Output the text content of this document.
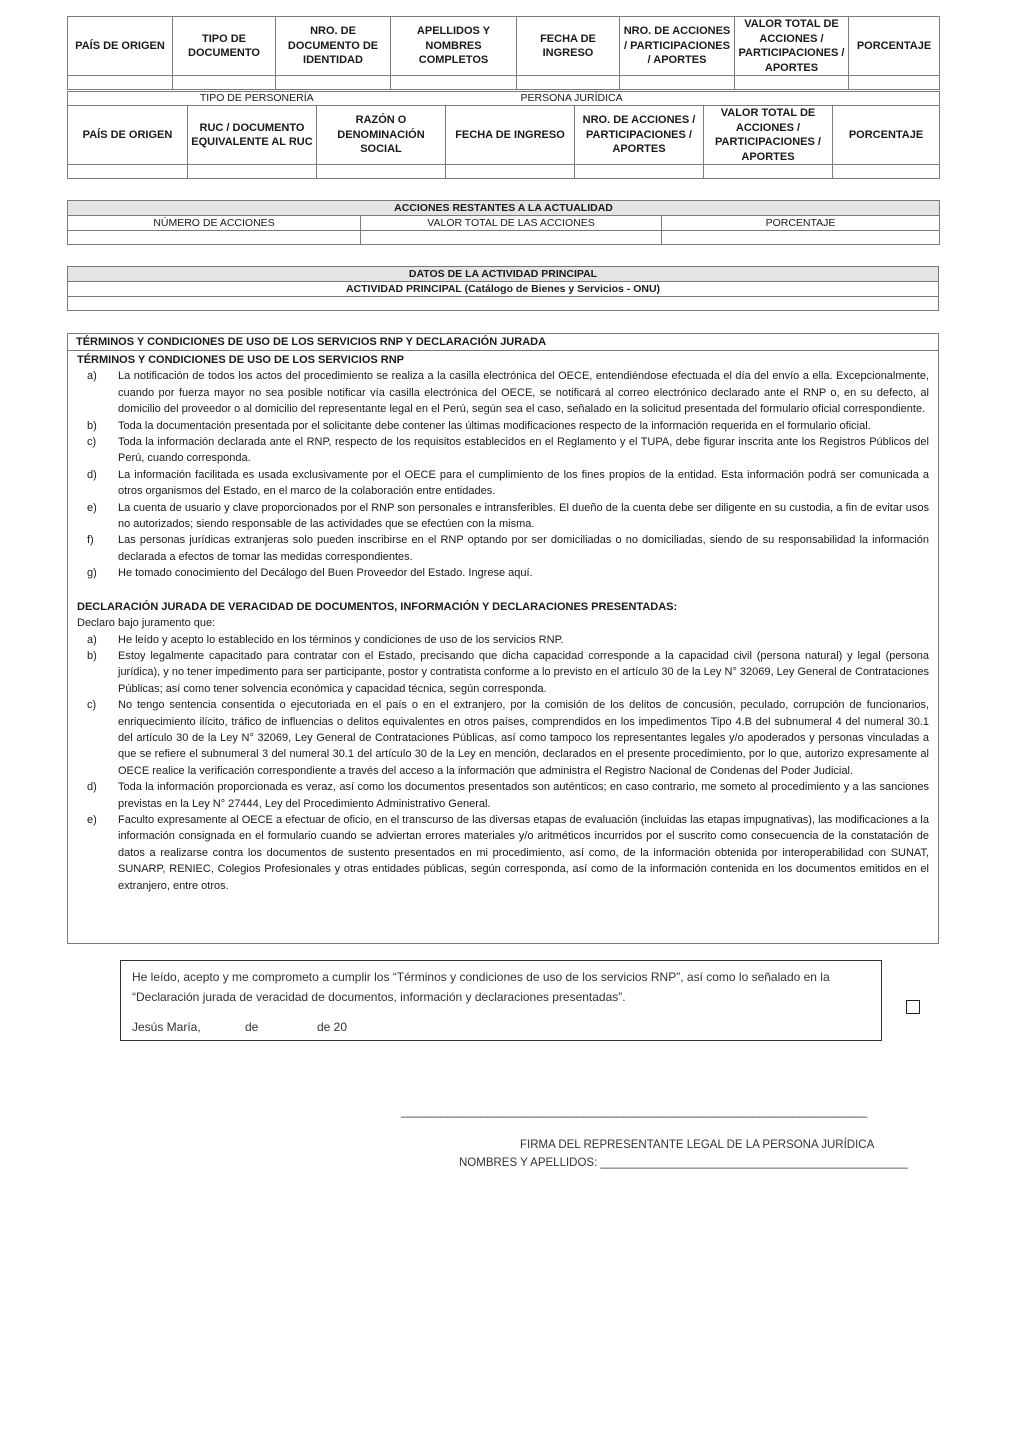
PAÍS DE ORIGEN	TIPO DE DOCUMENTO	NRO. DE DOCUMENTO DE IDENTIDAD	APELLIDOS Y NOMBRES COMPLETOS	FECHA DE INGRESO	NRO. DE ACCIONES / PARTICIPACIONES / APORTES	VALOR TOTAL DE ACCIONES / PARTICIPACIONES / APORTES	PORCENTAJE

TIPO DE PERSONERÍA			PERSONA JURÍDICA			
PAÍS DE ORIGEN	RUC / DOCUMENTO EQUIVALENTE AL RUC	RAZÓN O DENOMINACIÓN SOCIAL	FECHA DE INGRESO	NRO. DE ACCIONES / PARTICIPACIONES / APORTES	VALOR TOTAL DE ACCIONES / PARTICIPACIONES / APORTES	PORCENTAJE

ACCIONES RESTANTES A LA ACTUALIDAD		
NÚMERO DE ACCIONES	VALOR TOTAL DE LAS ACCIONES	PORCENTAJE

DATOS DE LA ACTIVIDAD PRINCIPAL
ACTIVIDAD PRINCIPAL (Catálogo de Bienes y Servicios - ONU)

TÉRMINOS Y CONDICIONES DE USO DE LOS SERVICIOS RNP Y DECLARACIÓN JURADA
TÉRMINOS Y CONDICIONES DE USO DE LOS SERVICIOS RNP
a)	La notificación de todos los actos del procedimiento se realiza a la casilla electrónica del OECE, entendiéndose efectuada el día del envío a ella. Excepcionalmente, cuando por fuerza mayor no sea posible notificar vía casilla electrónica del OECE, se notificará al correo electrónico declarado ante el RNP o, en su defecto, al domicilio del proveedor o al domicilio del representante legal en el Perú, según sea el caso, señalado en la solicitud presentada del formulario oficial correspondiente.
b)	Toda la documentación presentada por el solicitante debe contener las últimas modificaciones respecto de la información requerida en el formulario oficial.
c)	Toda la información declarada ante el RNP, respecto de los requisitos establecidos en el Reglamento y el TUPA, debe figurar inscrita ante los Registros Públicos del Perú, cuando corresponda.
d)	La información facilitada es usada exclusivamente por el OECE para el cumplimiento de los fines propios de la entidad. Esta información podrá ser comunicada a otros organismos del Estado, en el marco de la colaboración entre entidades.
e)	La cuenta de usuario y clave proporcionados por el RNP son personales e intransferibles. El dueño de la cuenta debe ser diligente en su custodia, a fin de evitar usos no autorizados; siendo responsable de las actividades que se efectúen con la misma.
f)	Las personas jurídicas extranjeras solo pueden inscribirse en el RNP optando por ser domiciliadas o no domiciliadas, siendo de su responsabilidad la información declarada a efectos de tomar las medidas correspondientes.
g)	He tomado conocimiento del Decálogo del Buen Proveedor del Estado. Ingrese aquí.
DECLARACIÓN JURADA DE VERACIDAD DE DOCUMENTOS, INFORMACIÓN Y DECLARACIONES PRESENTADAS:
Declaro bajo juramento que:
a)	He leído y acepto lo establecido en los términos y condiciones de uso de los servicios RNP.
b)	Estoy legalmente capacitado para contratar con el Estado, precisando que dicha capacidad corresponde a la capacidad civil (persona natural) y legal (persona jurídica), y no tener impedimento para ser participante, postor y contratista conforme a lo previsto en el artículo 30 de la Ley N° 32069, Ley General de Contrataciones Públicas; así como tener solvencia económica y capacidad técnica, según corresponda.
c)	No tengo sentencia consentida o ejecutoriada en el país o en el extranjero, por la comisión de los delitos de concusión, peculado, corrupción de funcionarios, enriquecimiento ilícito, tráfico de influencias o delitos equivalentes en otros países, comprendidos en los impedimentos Tipo 4.B del subnumeral 4 del numeral 30.1 del artículo 30 de la Ley N° 32069, Ley General de Contrataciones Públicas, así como tampoco los representantes legales y/o apoderados y personas vinculadas a que se refiere el subnumeral 3 del numeral 30.1 del artículo 30 de la Ley en mención, declarados en el presente procedimiento, por lo que, autorizo expresamente al OECE realice la verificación correspondiente a través del acceso a la información que administra el Registro Nacional de Condenas del Poder Judicial.
d)	Toda la información proporcionada es veraz, así como los documentos presentados son auténticos; en caso contrario, me someto al procedimiento y a las sanciones previstas en la Ley N° 27444, Ley del Procedimiento Administrativo General.
e)	Faculto expresamente al OECE a efectuar de oficio, en el transcurso de las diversas etapas de evaluación (incluidas las etapas impugnativas), las modificaciones a la información consignada en el formulario cuando se adviertan errores materiales y/o aritméticos incurridos por el suscrito como consecuencia de la constatación de datos a realizarse contra los documentos de sustento presentados en mi procedimiento, así como, de la información obtenida por interoperabilidad con SUNAT, SUNARP, RENIEC, Colegios Profesionales y otras entidades públicas, según corresponda, así como de la información contenida en los documentos emitidos en el extranjero, entre otros.
He leído, acepto y me comprometo a cumplir los “Términos y condiciones de uso de los servicios RNP”, así como lo señalado en la “Declaración jurada de veracidad de documentos, información y declaraciones presentadas”.
Jesús María,	de	de 20
__________________________________________________________________________________
FIRMA DEL REPRESENTANTE LEGAL DE LA PERSONA JURÍDICA
NOMBRES Y APELLIDOS: ________________________________________________
